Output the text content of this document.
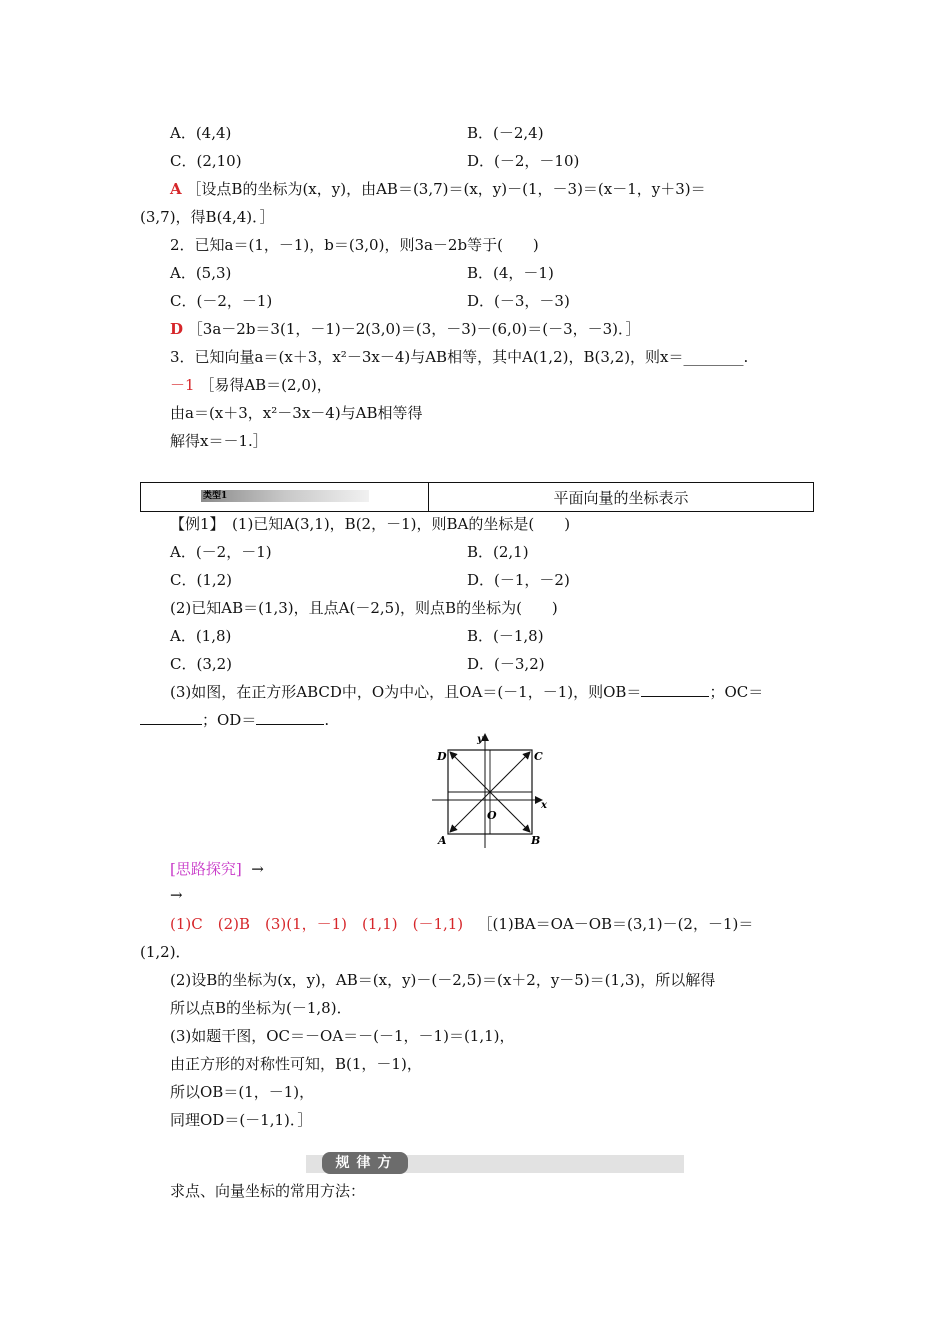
A．(4,4)	B．(－2,4)
C．(2,10)	D．(－2，－10)
A ［设点B的坐标为(x，y)，由AB＝(3,7)＝(x，y)－(1，－3)＝(x－1，y＋3)＝
(3,7)，得B(4,4)．］
2．已知a＝(1，－1)，b＝(3,0)，则3a－2b等于(　　)
A．(5,3)	B．(4，－1)
C．(－2，－1)	D．(－3，－3)
D ［3a－2b＝3(1，－1)－2(3,0)＝(3，－3)－(6,0)＝(－3，－3)．］
3．已知向量a＝(x＋3，x²－3x－4)与AB相等，其中A(1,2)，B(3,2)，则x＝________.
－1 ［易得AB＝(2,0)，
由a＝(x＋3，x²－3x－4)与AB相等得
解得x＝－1.］
类型1	平面向量的坐标表示
【例1】　(1)已知A(3,1)，B(2，－1)，则BA的坐标是(　　)
A．(－2，－1)	B．(2,1)
C．(1,2)	D．(－1，－2)
(2)已知AB＝(1,3)，且点A(－2,5)，则点B的坐标为(　　)
A．(1,8)	B．(－1,8)
C．(3,2)	D．(－3,2)
(3)如图，在正方形ABCD中，O为中心，且OA＝(－1，－1)，则OB＝	；OC＝
；OD＝	.
D	C
A	B
O
x
y
[思路探究] →
→
(1)C　(2)B　(3)(1，－1)　(1,1)　(－1,1) ［(1)BA＝OA－OB＝(3,1)－(2，－1)＝
(1,2)．
(2)设B的坐标为(x，y)，AB＝(x，y)－(－2,5)＝(x＋2，y－5)＝(1,3)，所以解得
所以点B的坐标为(－1,8)．
(3)如题干图，OC＝－OA＝－(－1，－1)＝(1,1)，
由正方形的对称性可知，B(1，－1)，
所以OB＝(1，－1)，
同理OD＝(－1,1)．］
规律方法
求点、向量坐标的常用方法：
